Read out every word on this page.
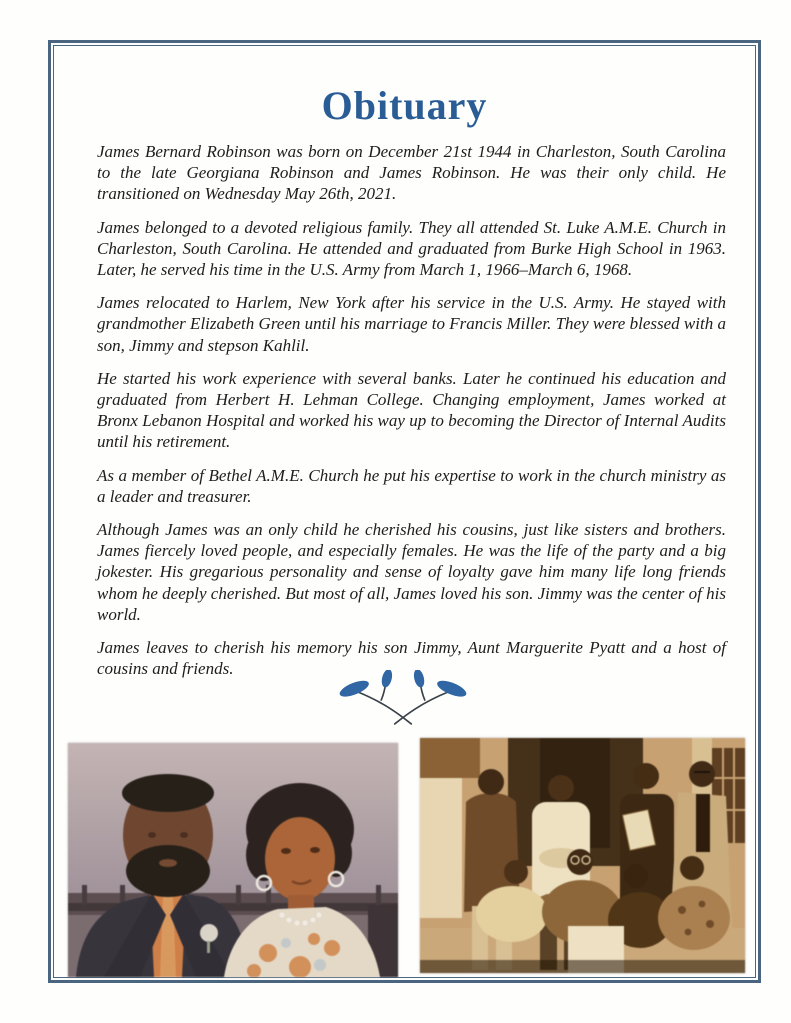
Obituary

James Bernard Robinson was born on December 21st 1944 in Charleston, South Carolina to the late Georgiana Robinson and James Robinson. He was their only child. He transitioned on Wednesday May 26th, 2021.

James belonged to a devoted religious family. They all attended St. Luke A.M.E. Church in Charleston, South Carolina. He attended and graduated from Burke High School in 1963. Later, he served his time in the U.S. Army from March 1, 1966–March 6, 1968.

James relocated to Harlem, New York after his service in the U.S. Army. He stayed with grandmother Elizabeth Green until his marriage to Francis Miller. They were blessed with a son, Jimmy and stepson Kahlil.

He started his work experience with several banks. Later he continued his education and graduated from Herbert H. Lehman College. Changing employment, James worked at Bronx Lebanon Hospital and worked his way up to becoming the Director of Internal Audits until his retirement.

As a member of Bethel A.M.E. Church he put his expertise to work in the church ministry as a leader and treasurer.

Although James was an only child he cherished his cousins, just like sisters and brothers. James fiercely loved people, and especially females. He was the life of the party and a big jokester. His gregarious personality and sense of loyalty gave him many life long friends whom he deeply cherished. But most of all, James loved his son. Jimmy was the center of his world.

James leaves to cherish his memory his son Jimmy, Aunt Marguerite Pyatt and a host of cousins and friends.
